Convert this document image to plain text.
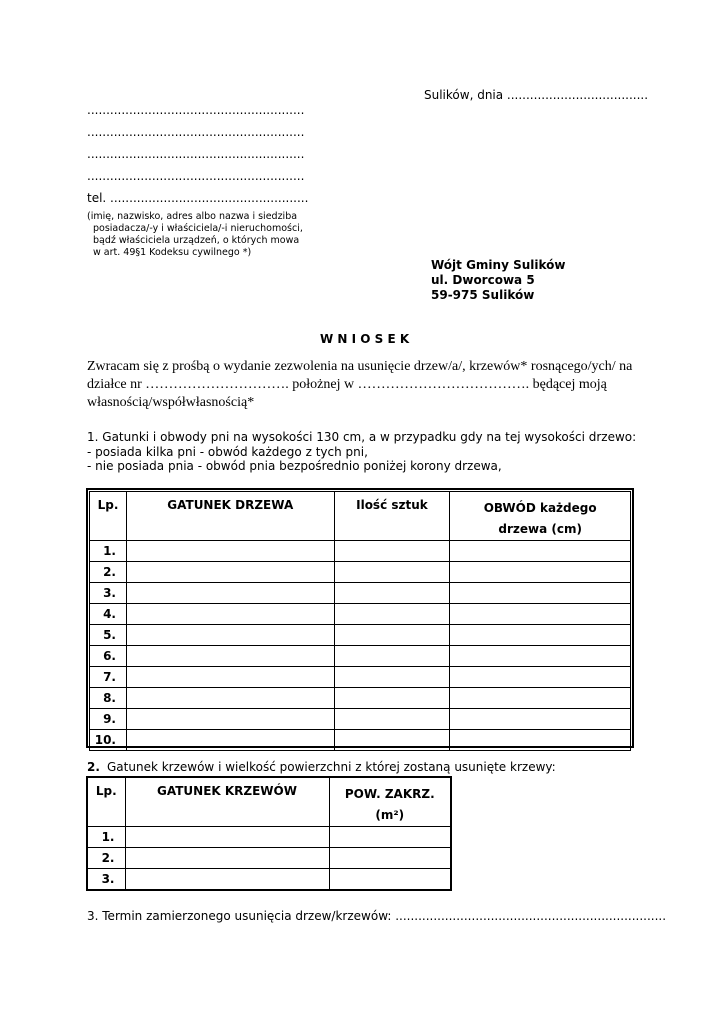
Sulików, dnia .....................................
.........................................................
.........................................................
.........................................................
.........................................................
tel. ....................................................
(imię, nazwisko, adres albo nazwa i siedziba
posiadacza/-y i właściciela/-i nieruchomości,
bądź właściciela urządzeń, o których mowa
w art. 49§1 Kodeksu cywilnego *)
Wójt Gminy Sulików
ul. Dworcowa 5
59-975 Sulików
W N I O S E K
Zwracam się z prośbą o wydanie zezwolenia na usunięcie drzew/a/, krzewów* rosnącego/ych/ na
działce nr …………………………. położnej w ………………………………. będącej moją
własnością/współwłasnością*
1. Gatunki i obwody pni na wysokości 130 cm, a w przypadku gdy na tej wysokości drzewo:
- posiada kilka pni - obwód każdego z tych pni,
- nie posiada pnia - obwód pnia bezpośrednio poniżej korony drzewa,
Lp.	GATUNEK DRZEWA	Ilość sztuk	OBWÓD każdego
drzewa (cm)

1.			
2.			
3.			
4.			
5.			
6.			
7.			
8.			
9.			
10.			
2. Gatunek krzewów i wielkość powierzchni z której zostaną usunięte krzewy:
Lp.	GATUNEK KRZEWÓW	POW. ZAKRZ.
(m²)

1.		
2.		
3.		
3. Termin zamierzonego usunięcia drzew/krzewów: .......................................................................
